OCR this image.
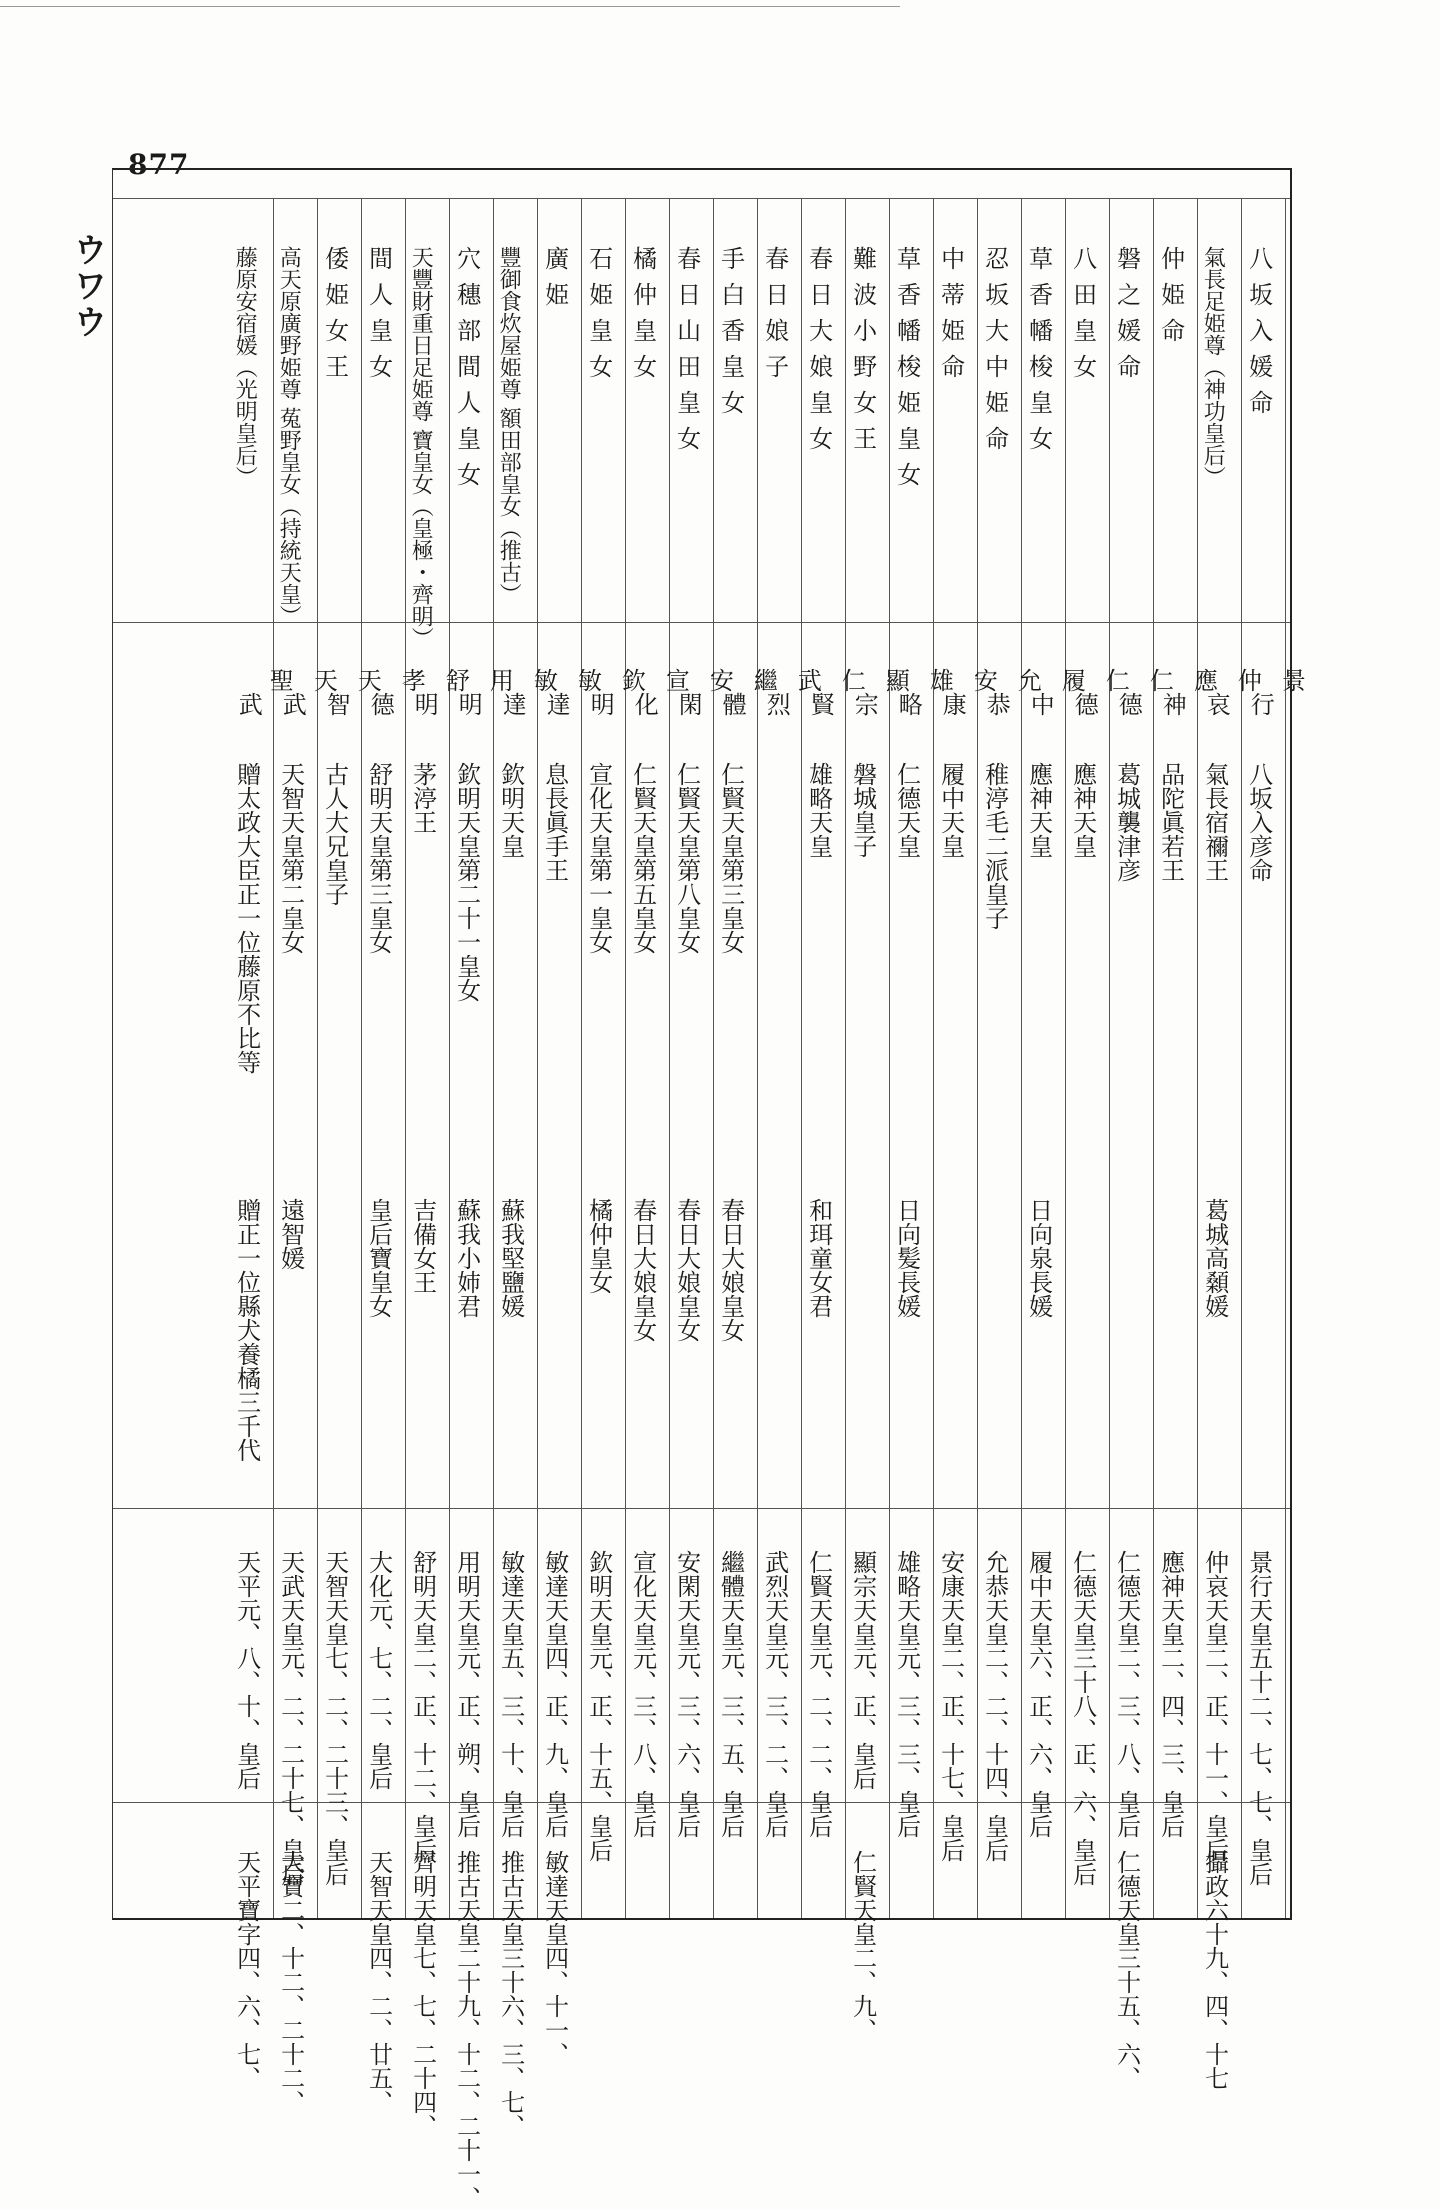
877
ウワウ	八坂入媛命
景
行
八坂入彦命
景行天皇五十二、七、七、皇后
氣長足姫尊（神功皇后）
仲
哀
氣長宿禰王
葛城高顙媛
仲哀天皇二、正、十一、皇后
攝政六十九、四、十七
仲姫命
應
神
品陀眞若王
應神天皇二、四、三、皇后
磐之媛命
仁
德
葛城襲津彦
仁德天皇二、三、八、皇后
仁德天皇三十五、六、
八田皇女
仁
德
應神天皇
仁德天皇三十八、正、六、皇后
草香幡梭皇女
履
中
應神天皇
日向泉長媛
履中天皇六、正、六、皇后
忍坂大中姫命
允
恭
稚渟毛二派皇子
允恭天皇二、二、十四、皇后
中蒂姫命
安
康
履中天皇
安康天皇二、正、十七、皇后
草香幡梭姫皇女
雄
略
仁德天皇
日向髪長媛
雄略天皇元、三、三、皇后
難波小野女王
顯
宗
磐城皇子
顯宗天皇元、正、皇后
仁賢天皇二、九、
春日大娘皇女
仁
賢
雄略天皇
和珥童女君
仁賢天皇元、二、二、皇后
春日娘子
武
烈
武烈天皇元、三、二、皇后
手白香皇女
繼
體
仁賢天皇第三皇女
春日大娘皇女
繼體天皇元、三、五、皇后
春日山田皇女
安
閑
仁賢天皇第八皇女
春日大娘皇女
安閑天皇元、三、六、皇后
橘仲皇女
宣
化
仁賢天皇第五皇女
春日大娘皇女
宣化天皇元、三、八、皇后
石姫皇女
欽
明
宣化天皇第一皇女
橘仲皇女
欽明天皇元、正、十五、皇后
廣姫
敏
達
息長眞手王
敏達天皇四、正、九、皇后
敏達天皇四、十一、
豐御食炊屋姫尊 額田部皇女（推古）
敏
達
欽明天皇
蘇我堅鹽媛
敏達天皇五、三、十、皇后
推古天皇三十六、三、七、
穴穗部間人皇女
用
明
欽明天皇第二十一皇女
蘇我小姉君
用明天皇元、正、朔、皇后
推古天皇二十九、十二、二十一、
天豐財重日足姫尊 寶皇女（皇極・齊明）
舒
明
茅渟王
吉備女王
舒明天皇二、正、十二、皇后
齊明天皇七、七、二十四、
間人皇女
孝
德
舒明天皇第三皇女
皇后寶皇女
大化元、七、二、皇后
天智天皇四、二、廿五、
倭姫女王
天
智
古人大兄皇子
天智天皇七、二、二十三、皇后
高天原廣野姫尊 菟野皇女（持統天皇）
天
武
天智天皇第二皇女
遠智媛
天武天皇元、二、二十七、皇后
大寶二、十二、二十二、
藤原安宿媛（光明皇后）
聖
武
贈太政大臣正一位藤原不比等
贈正一位縣犬養橘三千代
天平元、八、十、皇后
天平寶字四、六、七、
